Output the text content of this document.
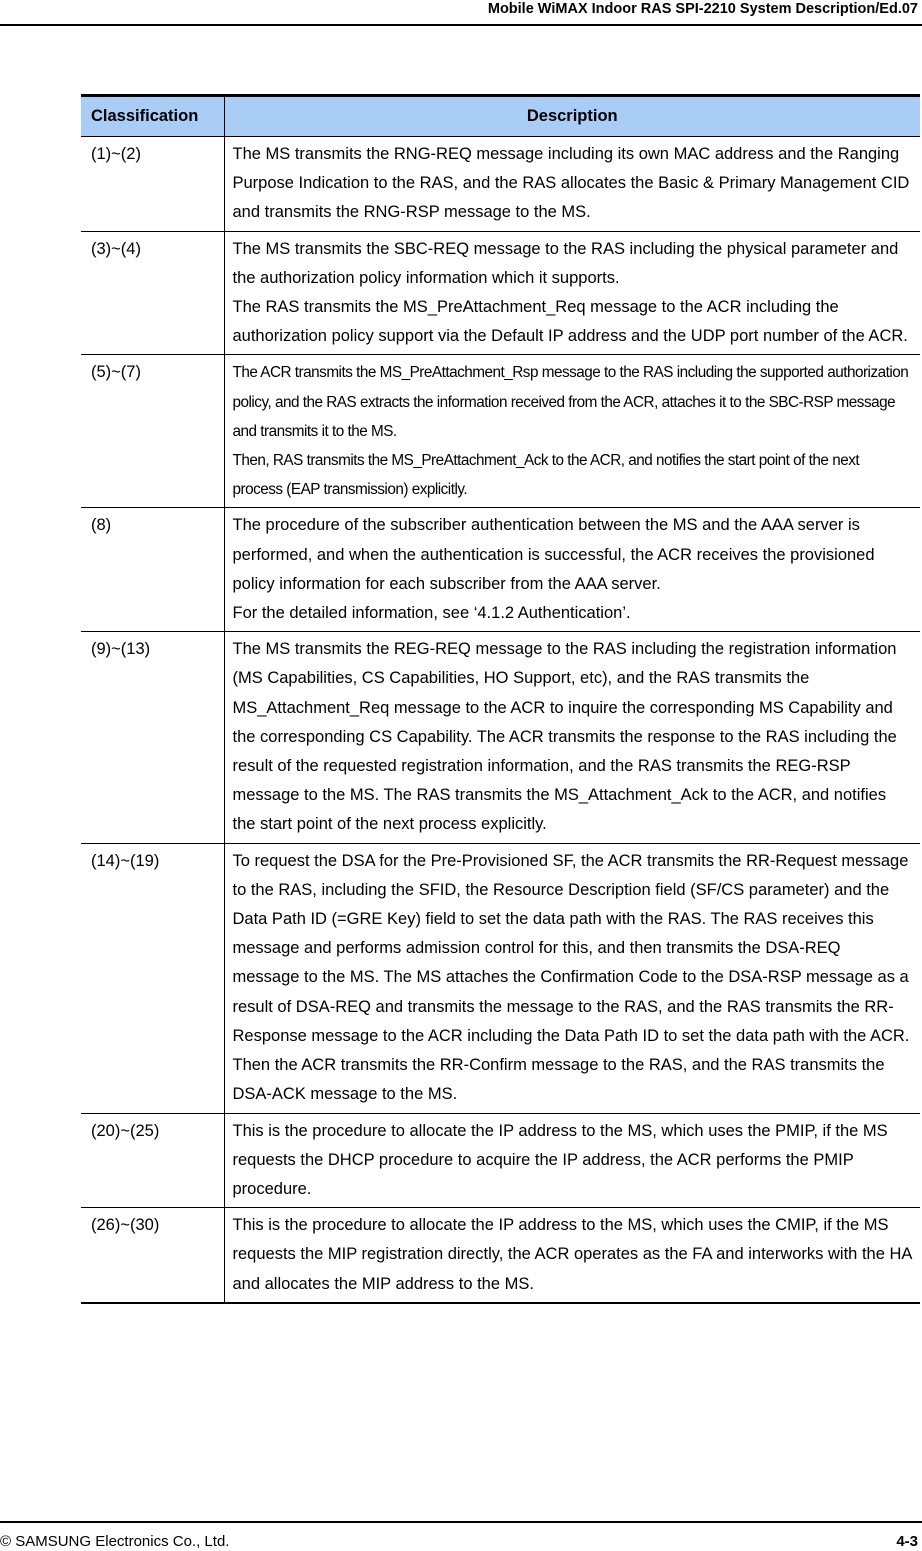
Mobile WiMAX Indoor RAS SPI-2210 System Description/Ed.07
Classification	Description
(1)~(2)	The MS transmits the RNG-REQ message including its own MAC address and the Ranging Purpose Indication to the RAS, and the RAS allocates the Basic & Primary Management CID and transmits the RNG-RSP message to the MS.

(3)~(4)	The MS transmits the SBC-REQ message to the RAS including the physical parameter and the authorization policy information which it supports.

The RAS transmits the MS_PreAttachment_Req message to the ACR including the authorization policy support via the Default IP address and the UDP port number of the ACR.

(5)~(7)	The ACR transmits the MS_PreAttachment_Rsp message to the RAS including the supported authorization policy, and the RAS extracts the information received from the ACR, attaches it to the SBC-RSP message and transmits it to the MS.

Then, RAS transmits the MS_PreAttachment_Ack to the ACR, and notifies the start point of the next process (EAP transmission) explicitly.

(8)	The procedure of the subscriber authentication between the MS and the AAA server is performed, and when the authentication is successful, the ACR receives the provisioned policy information for each subscriber from the AAA server.

For the detailed information, see ‘4.1.2 Authentication’.

(9)~(13)	The MS transmits the REG-REQ message to the RAS including the registration information (MS Capabilities, CS Capabilities, HO Support, etc), and the RAS transmits the MS_Attachment_Req message to the ACR to inquire the corresponding MS Capability and the corresponding CS Capability. The ACR transmits the response to the RAS including the result of the requested registration information, and the RAS transmits the REG-RSP message to the MS. The RAS transmits the MS_Attachment_Ack to the ACR, and notifies the start point of the next process explicitly.

(14)~(19)	To request the DSA for the Pre-Provisioned SF, the ACR transmits the RR-Request message to the RAS, including the SFID, the Resource Description field (SF/CS parameter) and the Data Path ID (=GRE Key) field to set the data path with the RAS. The RAS receives this message and performs admission control for this, and then transmits the DSA-REQ message to the MS. The MS attaches the Confirmation Code to the DSA-RSP message as a result of DSA-REQ and transmits the message to the RAS, and the RAS transmits the RR-Response message to the ACR including the Data Path ID to set the data path with the ACR. Then the ACR transmits the RR-Confirm message to the RAS, and the RAS transmits the DSA-ACK message to the MS.

(20)~(25)	This is the procedure to allocate the IP address to the MS, which uses the PMIP, if the MS requests the DHCP procedure to acquire the IP address, the ACR performs the PMIP procedure.

(26)~(30)	This is the procedure to allocate the IP address to the MS, which uses the CMIP, if the MS requests the MIP registration directly, the ACR operates as the FA and interworks with the HA and allocates the MIP address to the MS.

© SAMSUNG Electronics Co., Ltd.	4-3
